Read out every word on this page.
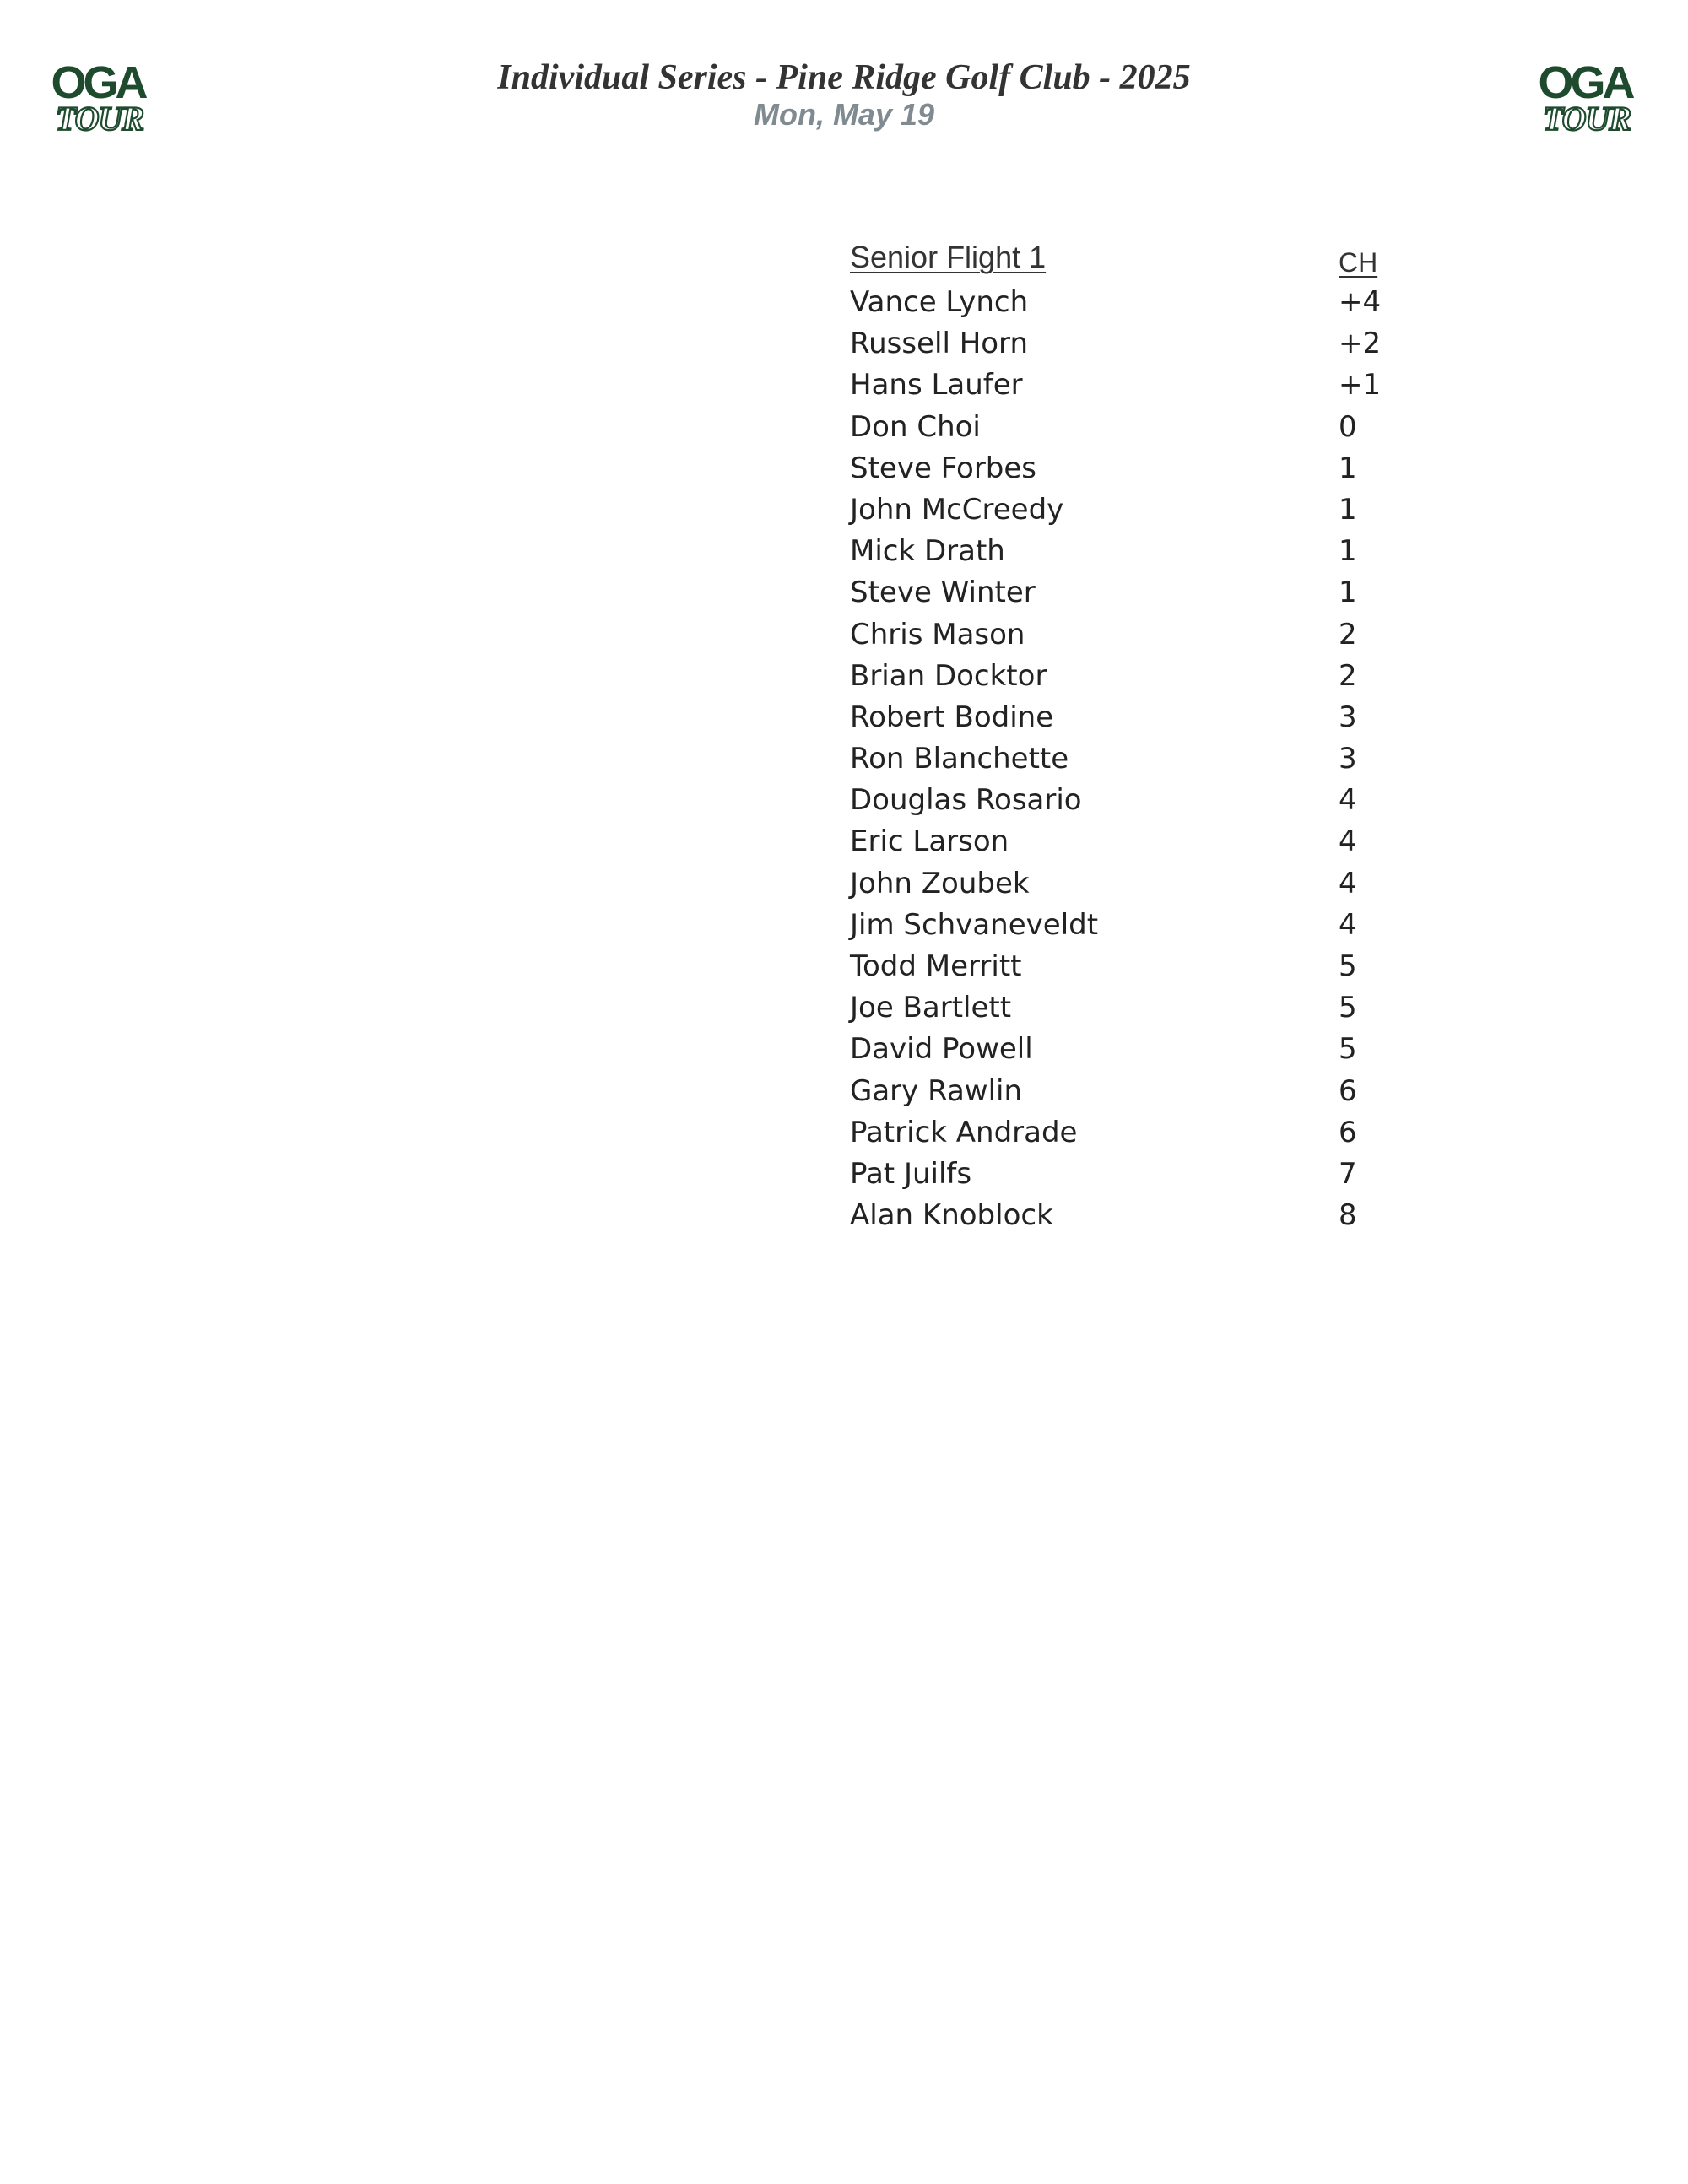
OGA
TOUR
Individual Series - Pine Ridge Golf Club - 2025
Mon, May 19
OGA
TOUR
Senior Flight 1	CH
Vance Lynch	+4
Russell Horn	+2
Hans Laufer	+1
Don Choi	0
Steve Forbes	1
John McCreedy	1
Mick Drath	1
Steve Winter	1
Chris Mason	2
Brian Docktor	2
Robert Bodine	3
Ron Blanchette	3
Douglas Rosario	4
Eric Larson	4
John Zoubek	4
Jim Schvaneveldt	4
Todd Merritt	5
Joe Bartlett	5
David Powell	5
Gary Rawlin	6
Patrick Andrade	6
Pat Juilfs	7
Alan Knoblock	8
